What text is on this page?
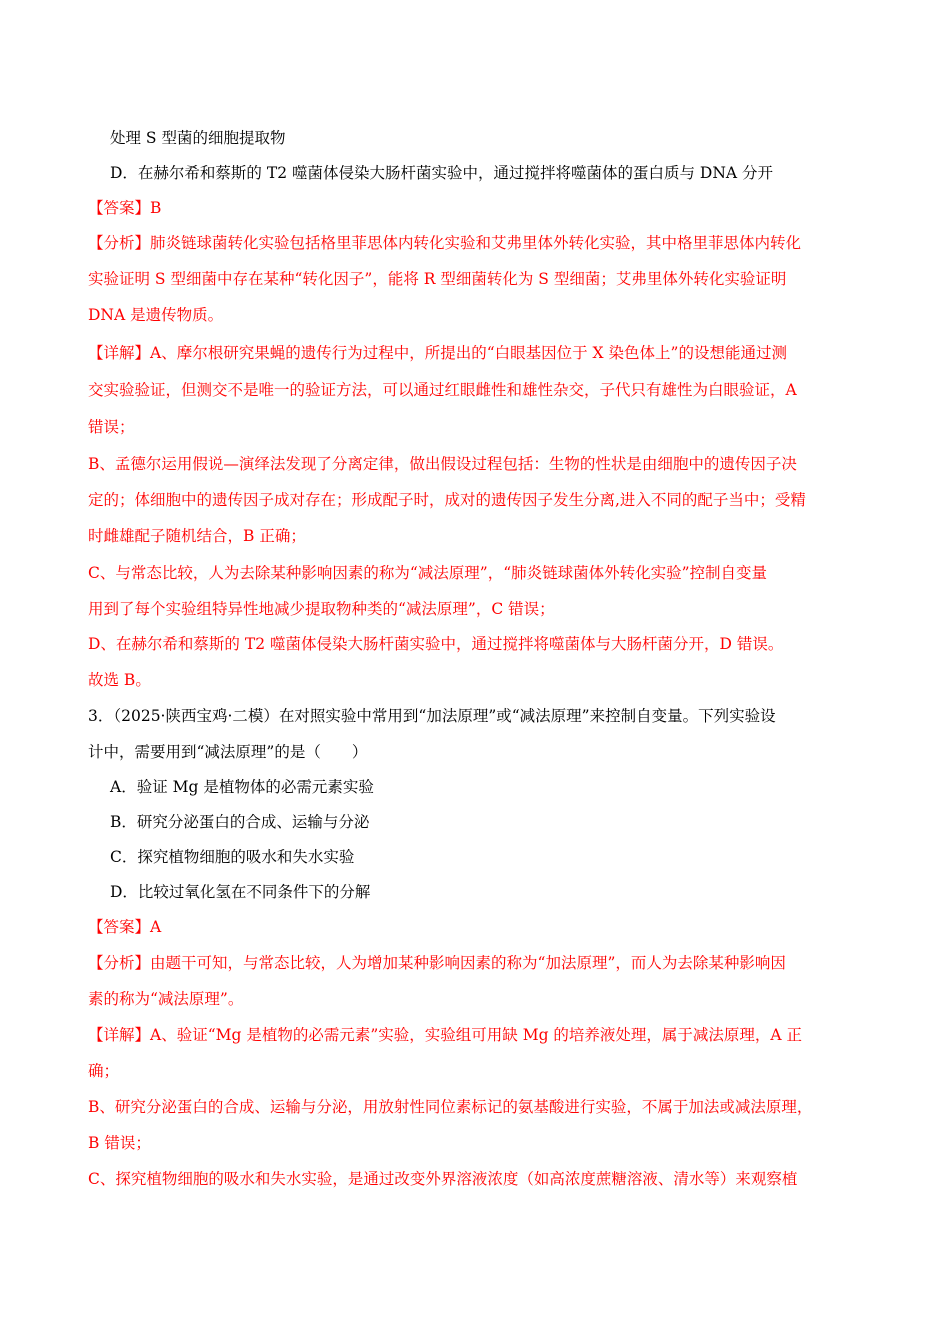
处理 S 型菌的细胞提取物
D．在赫尔希和蔡斯的 T2 噬菌体侵染大肠杆菌实验中，通过搅拌将噬菌体的蛋白质与 DNA 分开
【答案】B
【分析】肺炎链球菌转化实验包括格里菲思体内转化实验和艾弗里体外转化实验，其中格里菲思体内转化
实验证明 S 型细菌中存在某种“转化因子”，能将 R 型细菌转化为 S 型细菌；艾弗里体外转化实验证明
DNA 是遗传物质。
【详解】A、摩尔根研究果蝇的遗传行为过程中，所提出的“白眼基因位于 X 染色体上”的设想能通过测
交实验验证，但测交不是唯一的验证方法，可以通过红眼雌性和雄性杂交，子代只有雄性为白眼验证，A
错误；
B、孟德尔运用假说—演绎法发现了分离定律，做出假设过程包括：生物的性状是由细胞中的遗传因子决
定的；体细胞中的遗传因子成对存在；形成配子时，成对的遗传因子发生分离,进入不同的配子当中；受精
时雌雄配子随机结合，B 正确；
C、与常态比较，人为去除某种影响因素的称为“减法原理”，“肺炎链球菌体外转化实验”控制自变量
用到了每个实验组特异性地减少提取物种类的“减法原理”，C 错误；
D、在赫尔希和蔡斯的 T2 噬菌体侵染大肠杆菌实验中，通过搅拌将噬菌体与大肠杆菌分开，D 错误。
故选 B。
3．（2025·陕西宝鸡·二模）在对照实验中常用到“加法原理”或“减法原理”来控制自变量。下列实验设
计中，需要用到“减法原理”的是（　　）
A．验证 Mg 是植物体的必需元素实验
B．研究分泌蛋白的合成、运输与分泌
C．探究植物细胞的吸水和失水实验
D．比较过氧化氢在不同条件下的分解
【答案】A
【分析】由题干可知，与常态比较，人为增加某种影响因素的称为“加法原理”，而人为去除某种影响因
素的称为“减法原理”。
【详解】A、验证“Mg 是植物的必需元素”实验，实验组可用缺 Mg 的培养液处理，属于减法原理，A 正
确；
B、研究分泌蛋白的合成、运输与分泌，用放射性同位素标记的氨基酸进行实验，不属于加法或减法原理，
B 错误；
C、探究植物细胞的吸水和失水实验，是通过改变外界溶液浓度（如高浓度蔗糖溶液、清水等）来观察植
